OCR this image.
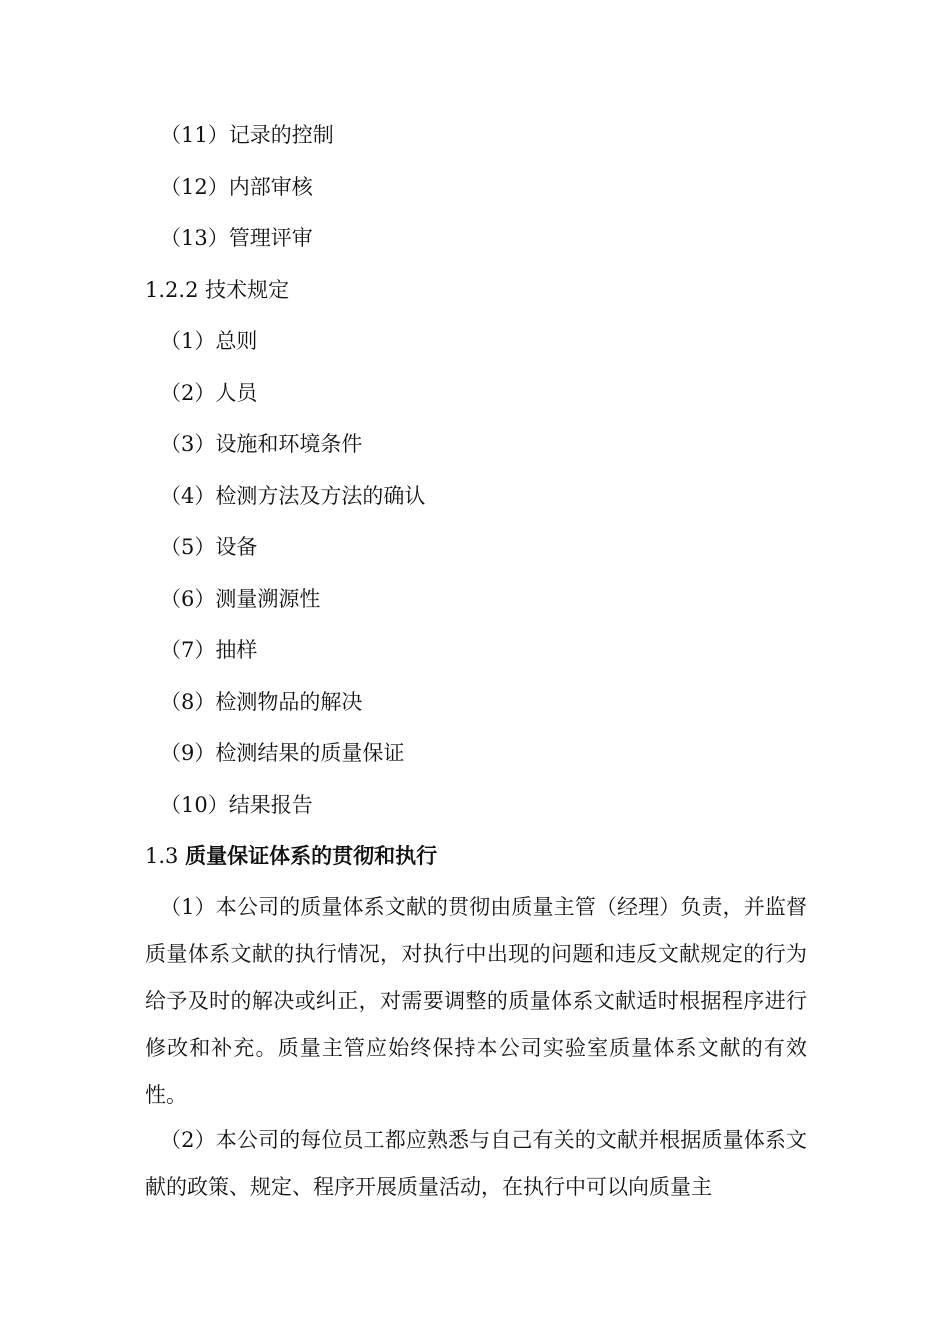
（11）记录的控制
（12）内部审核
（13）管理评审
1.2.2 技术规定
（1）总则
（2）人员
（3）设施和环境条件
（4）检测方法及方法的确认
（5）设备
（6）测量溯源性
（7）抽样
（8）检测物品的解决
（9）检测结果的质量保证
（10）结果报告
1.3 质量保证体系的贯彻和执行
（1）本公司的质量体系文献的贯彻由质量主管（经理）负责，并监督质量体系文献的执行情况，对执行中出现的问题和违反文献规定的行为给予及时的解决或纠正，对需要调整的质量体系文献适时根据程序进行修改和补充。质量主管应始终保持本公司实验室质量体系文献的有效性。
（2）本公司的每位员工都应熟悉与自己有关的文献并根据质量体系文献的政策、规定、程序开展质量活动，在执行中可以向质量主
